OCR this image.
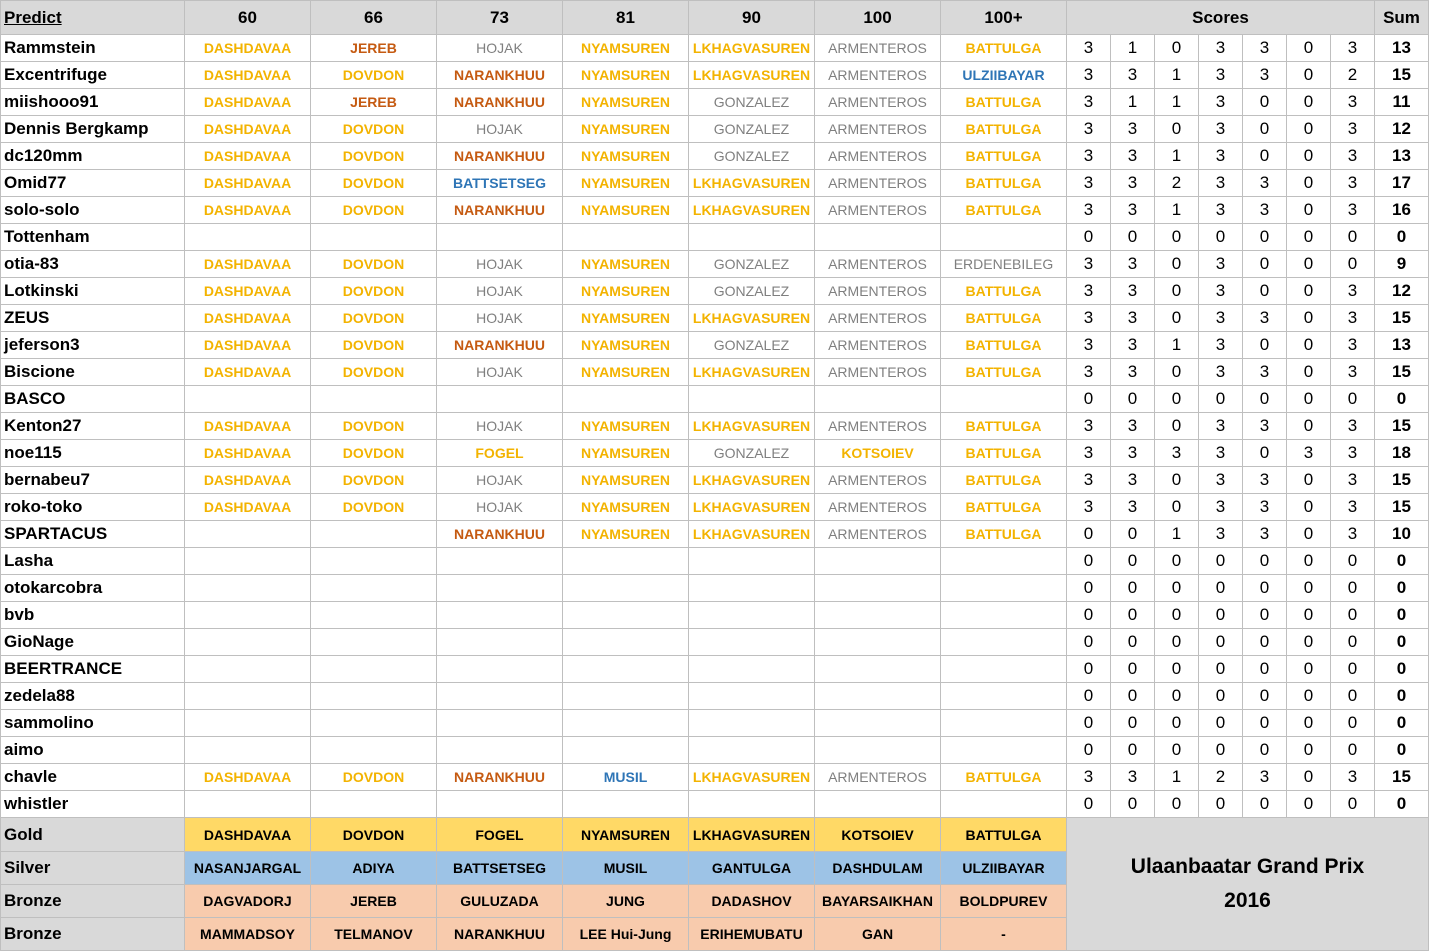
Predict	60	66	73	81	90	100	100+	Scores							Sum
Rammstein	DASHDAVAA	JEREB	HOJAK	NYAMSUREN	LKHAGVASUREN	ARMENTEROS	BATTULGA	3	1	0	3	3	0	3	13
Excentrifuge	DASHDAVAA	DOVDON	NARANKHUU	NYAMSUREN	LKHAGVASUREN	ARMENTEROS	ULZIIBAYAR	3	3	1	3	3	0	2	15
miishooo91	DASHDAVAA	JEREB	NARANKHUU	NYAMSUREN	GONZALEZ	ARMENTEROS	BATTULGA	3	1	1	3	0	0	3	11
Dennis Bergkamp	DASHDAVAA	DOVDON	HOJAK	NYAMSUREN	GONZALEZ	ARMENTEROS	BATTULGA	3	3	0	3	0	0	3	12
dc120mm	DASHDAVAA	DOVDON	NARANKHUU	NYAMSUREN	GONZALEZ	ARMENTEROS	BATTULGA	3	3	1	3	0	0	3	13
Omid77	DASHDAVAA	DOVDON	BATTSETSEG	NYAMSUREN	LKHAGVASUREN	ARMENTEROS	BATTULGA	3	3	2	3	3	0	3	17
solo-solo	DASHDAVAA	DOVDON	NARANKHUU	NYAMSUREN	LKHAGVASUREN	ARMENTEROS	BATTULGA	3	3	1	3	3	0	3	16
Tottenham								0	0	0	0	0	0	0	0
otia-83	DASHDAVAA	DOVDON	HOJAK	NYAMSUREN	GONZALEZ	ARMENTEROS	ERDENEBILEG	3	3	0	3	0	0	0	9
Lotkinski	DASHDAVAA	DOVDON	HOJAK	NYAMSUREN	GONZALEZ	ARMENTEROS	BATTULGA	3	3	0	3	0	0	3	12
ZEUS	DASHDAVAA	DOVDON	HOJAK	NYAMSUREN	LKHAGVASUREN	ARMENTEROS	BATTULGA	3	3	0	3	3	0	3	15
jeferson3	DASHDAVAA	DOVDON	NARANKHUU	NYAMSUREN	GONZALEZ	ARMENTEROS	BATTULGA	3	3	1	3	0	0	3	13
Biscione	DASHDAVAA	DOVDON	HOJAK	NYAMSUREN	LKHAGVASUREN	ARMENTEROS	BATTULGA	3	3	0	3	3	0	3	15
BASCO								0	0	0	0	0	0	0	0
Kenton27	DASHDAVAA	DOVDON	HOJAK	NYAMSUREN	LKHAGVASUREN	ARMENTEROS	BATTULGA	3	3	0	3	3	0	3	15
noe115	DASHDAVAA	DOVDON	FOGEL	NYAMSUREN	GONZALEZ	KOTSOIEV	BATTULGA	3	3	3	3	0	3	3	18
bernabeu7	DASHDAVAA	DOVDON	HOJAK	NYAMSUREN	LKHAGVASUREN	ARMENTEROS	BATTULGA	3	3	0	3	3	0	3	15
roko-toko	DASHDAVAA	DOVDON	HOJAK	NYAMSUREN	LKHAGVASUREN	ARMENTEROS	BATTULGA	3	3	0	3	3	0	3	15
SPARTACUS			NARANKHUU	NYAMSUREN	LKHAGVASUREN	ARMENTEROS	BATTULGA	0	0	1	3	3	0	3	10
Lasha								0	0	0	0	0	0	0	0
otokarcobra								0	0	0	0	0	0	0	0
bvb								0	0	0	0	0	0	0	0
GioNage								0	0	0	0	0	0	0	0
BEERTRANCE								0	0	0	0	0	0	0	0
zedela88								0	0	0	0	0	0	0	0
sammolino								0	0	0	0	0	0	0	0
aimo								0	0	0	0	0	0	0	0
chavle	DASHDAVAA	DOVDON	NARANKHUU	MUSIL	LKHAGVASUREN	ARMENTEROS	BATTULGA	3	3	1	2	3	0	3	15
whistler								0	0	0	0	0	0	0	0
Gold	DASHDAVAA	DOVDON	FOGEL	NYAMSUREN	LKHAGVASUREN	KOTSOIEV	BATTULGA	Ulaanbaatar Grand Prix
2016							

Silver	NASANJARGAL	ADIYA	BATTSETSEG	MUSIL	GANTULGA	DASHDULAM	ULZIIBAYAR								
Bronze	DAGVADORJ	JEREB	GULUZADA	JUNG	DADASHOV	BAYARSAIKHAN	BOLDPUREV								
Bronze	MAMMADSOY	TELMANOV	NARANKHUU	LEE Hui-Jung	ERIHEMUBATU	GAN	-								
